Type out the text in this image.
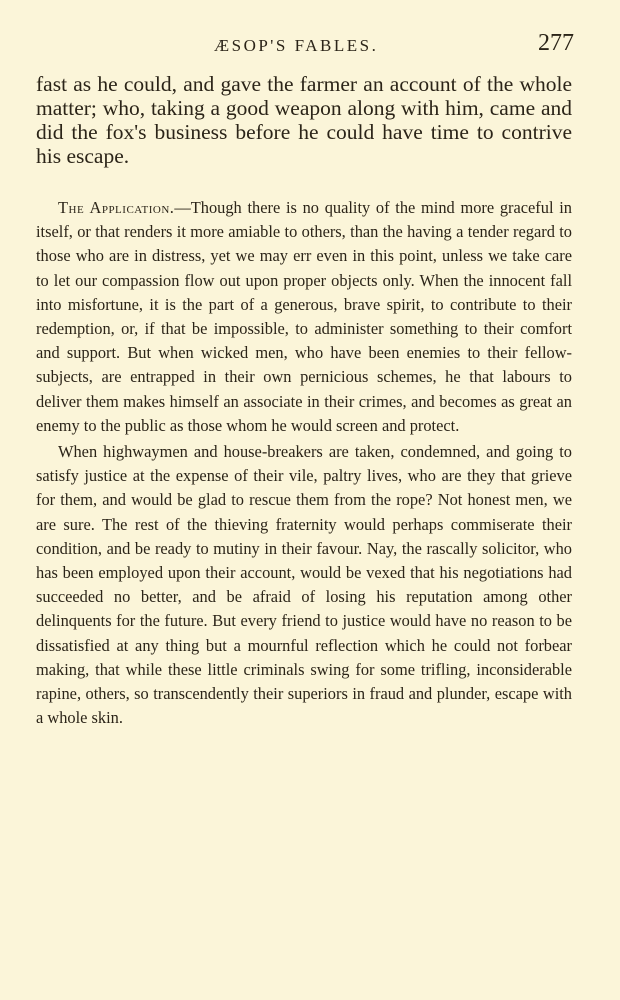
ÆSOP'S FABLES.	277

fast as he could, and gave the farmer an account of the whole matter; who, taking a good weapon along with him, came and did the fox's business before he could have time to contrive his escape.

The Application.—Though there is no quality of the mind more graceful in itself, or that renders it more amiable to others, than the having a tender regard to those who are in distress, yet we may err even in this point, unless we take care to let our compassion flow out upon proper objects only. When the innocent fall into misfortune, it is the part of a generous, brave spirit, to contribute to their redemption, or, if that be impossible, to administer something to their comfort and support. But when wicked men, who have been enemies to their fellow-subjects, are entrapped in their own pernicious schemes, he that labours to deliver them makes himself an associate in their crimes, and becomes as great an enemy to the public as those whom he would screen and protect.

When highwaymen and house-breakers are taken, condemned, and going to satisfy justice at the expense of their vile, paltry lives, who are they that grieve for them, and would be glad to rescue them from the rope? Not honest men, we are sure. The rest of the thieving fraternity would perhaps commiserate their condition, and be ready to mutiny in their favour. Nay, the rascally solicitor, who has been employed upon their account, would be vexed that his negotiations had succeeded no better, and be afraid of losing his reputation among other delinquents for the future. But every friend to justice would have no reason to be dissatisfied at any thing but a mournful reflection which he could not forbear making, that while these little criminals swing for some trifling, inconsiderable rapine, others, so transcendently their superiors in fraud and plunder, escape with a whole skin.
